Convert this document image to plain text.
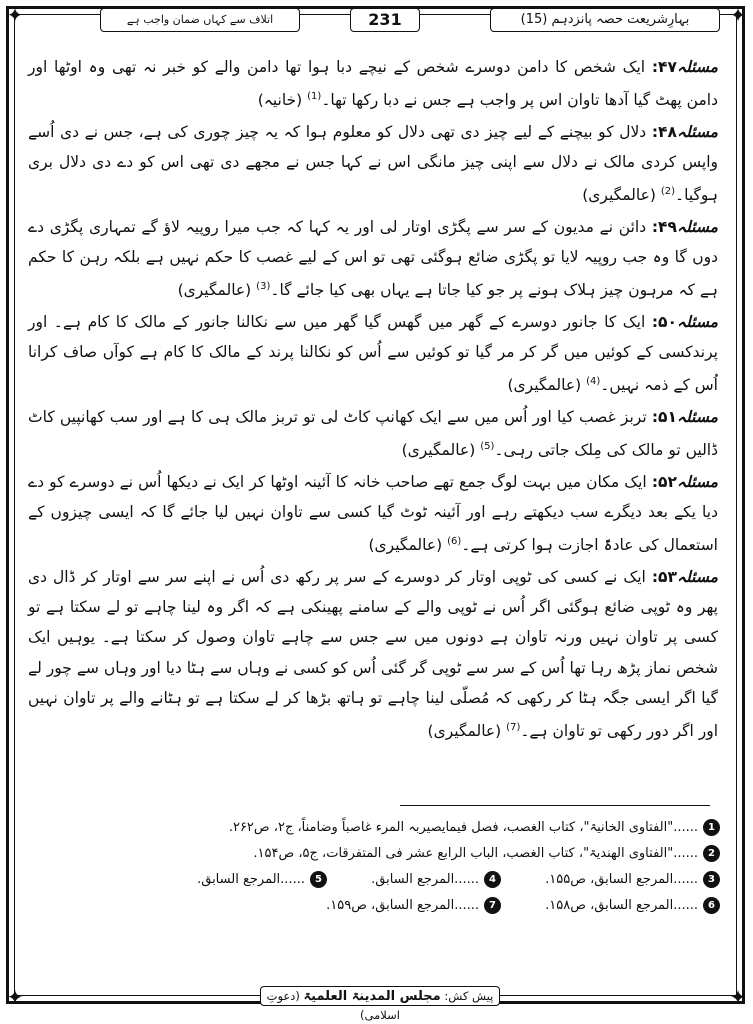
✦	✦
✦	✦
اتلاف سے کہاں ضمان واجب ہے	231	بہارِشریعت حصہ پانزدہم (15)

مسئلہ۴۷: ایک شخص کا دامن دوسرے شخص کے نیچے دبا ہوا تھا دامن والے کو خبر نہ تھی وہ اوٹھا اور دامن پھٹ گیا آدھا تاوان اس پر واجب ہے جس نے دبا رکھا تھا۔$^{(1)}$ (خانیہ)

مسئلہ۴۸: دلال کو بیچنے کے لیے چیز دی تھی دلال کو معلوم ہوا کہ یہ چیز چوری کی ہے، جس نے دی اُسے واپس کردی مالک نے دلال سے اپنی چیز مانگی اس نے کہا جس نے مجھے دی تھی اس کو دے دی دلال بری ہوگیا۔$^{(2)}$ (عالمگیری)

مسئلہ۴۹: دائن نے مدیون کے سر سے پگڑی اوتار لی اور یہ کہا کہ جب میرا روپیہ لاؤ گے تمہاری پگڑی دے دوں گا وہ جب روپیہ لایا تو پگڑی ضائع ہوگئی تھی تو اس کے لیے غصب کا حکم نہیں ہے بلکہ رہن کا حکم ہے کہ مرہون چیز ہلاک ہونے پر جو کیا جاتا ہے یہاں بھی کیا جائے گا۔$^{(3)}$ (عالمگیری)

مسئلہ۵۰: ایک کا جانور دوسرے کے گھر میں گھس گیا گھر میں سے نکالنا جانور کے مالک کا کام ہے۔ اور پرندکسی کے کوئیں میں گر کر مر گیا تو کوئیں سے اُس کو نکالنا پرند کے مالک کا کام ہے کوآں صاف کرانا اُس کے ذمہ نہیں۔$^{(4)}$ (عالمگیری)

مسئلہ۵۱: تربز غصب کیا اور اُس میں سے ایک کھانپ کاٹ لی تو تربز مالک ہی کا ہے اور سب کھانپیں کاٹ ڈالیں تو مالک کی مِلک جاتی رہی۔$^{(5)}$ (عالمگیری)

مسئلہ۵۲: ایک مکان میں بہت لوگ جمع تھے صاحب خانہ کا آئینہ اوٹھا کر ایک نے دیکھا اُس نے دوسرے کو دے دیا یکے بعد دیگرے سب دیکھتے رہے اور آئینہ ٹوٹ گیا کسی سے تاوان نہیں لیا جائے گا کہ ایسی چیزوں کے استعمال کی عادۃً اجازت ہوا کرتی ہے۔$^{(6)}$ (عالمگیری)

مسئلہ۵۳: ایک نے کسی کی ٹوپی اوتار کر دوسرے کے سر پر رکھ دی اُس نے اپنے سر سے اوتار کر ڈال دی پھر وہ ٹوپی ضائع ہوگئی اگر اُس نے ٹوپی والے کے سامنے پھینکی ہے کہ اگر وہ لینا چاہے تو لے سکتا ہے تو کسی پر تاوان نہیں ورنہ تاوان ہے دونوں میں سے جس سے چاہے تاوان وصول کر سکتا ہے۔ یوہیں ایک شخص نماز پڑھ رہا تھا اُس کے سر سے ٹوپی گر گئی اُس کو کسی نے وہاں سے ہٹا دیا اور وہاں سے چور لے گیا اگر ایسی جگہ ہٹا کر رکھی کہ مُصلّی لینا چاہے تو ہاتھ بڑھا کر لے سکتا ہے تو ہٹانے والے پر تاوان نہیں اور اگر دور رکھی تو تاوان ہے۔$^{(7)}$ (عالمگیری)

1......"الفتاوی الخانیۃ"، کتاب الغصب، فصل فیمایصیربہ المرء غاصباً وضامناً، ج۲، ص۲۶۲.
2......"الفتاوی الھندیۃ"، کتاب الغصب، الباب الرابع عشر فی المتفرقات، ج۵، ص۱۵۴.
3......المرجع السابق، ص۱۵۵. 4......المرجع السابق. 5......المرجع السابق.
6......المرجع السابق، ص۱۵۸. 7......المرجع السابق، ص۱۵۹.
پیش کش: مجلس المدینۃ العلمیۃ (دعوتِ اسلامی)
